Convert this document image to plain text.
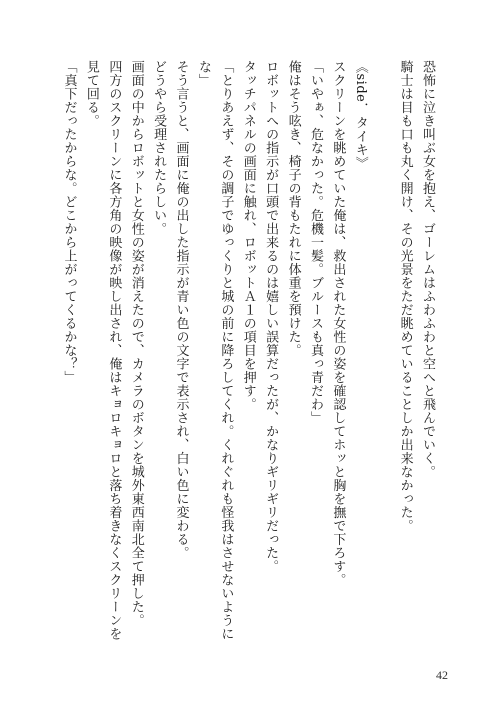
恐怖に泣き叫ぶ女を抱え、ゴーレムはふわふわと空へと飛んでいく。

騎士は目も口も丸く開け、その光景をただ眺めていることしか出来なかった。

《side．タイキ》

スクリーンを眺めていた俺は、救出された女性の姿を確認してホッと胸を撫で下ろす。

「いやぁ、危なかった。危機一髪。ブルースも真っ青だわ」

俺はそう呟き、椅子の背もたれに体重を預けた。

ロボットへの指示が口頭で出来るのは嬉しい誤算だったが、かなりギリギリだった。

タッチパネルの画面に触れ、ロボットＡ１の項目を押す。

「とりあえず、その調子でゆっくりと城の前に降ろしてくれ。くれぐれも怪我はさせないように

な」

そう言うと、画面に俺の出した指示が青い色の文字で表示され、白い色に変わる。

どうやら受理されたらしい。

画面の中からロボットと女性の姿が消えたので、カメラのボタンを城外東西南北全て押した。

四方のスクリーンに各方角の映像が映し出され、俺はキョロキョロと落ち着きなくスクリーンを

見て回る。

「真下だったからな。どこから上がってくるかな？」

42
